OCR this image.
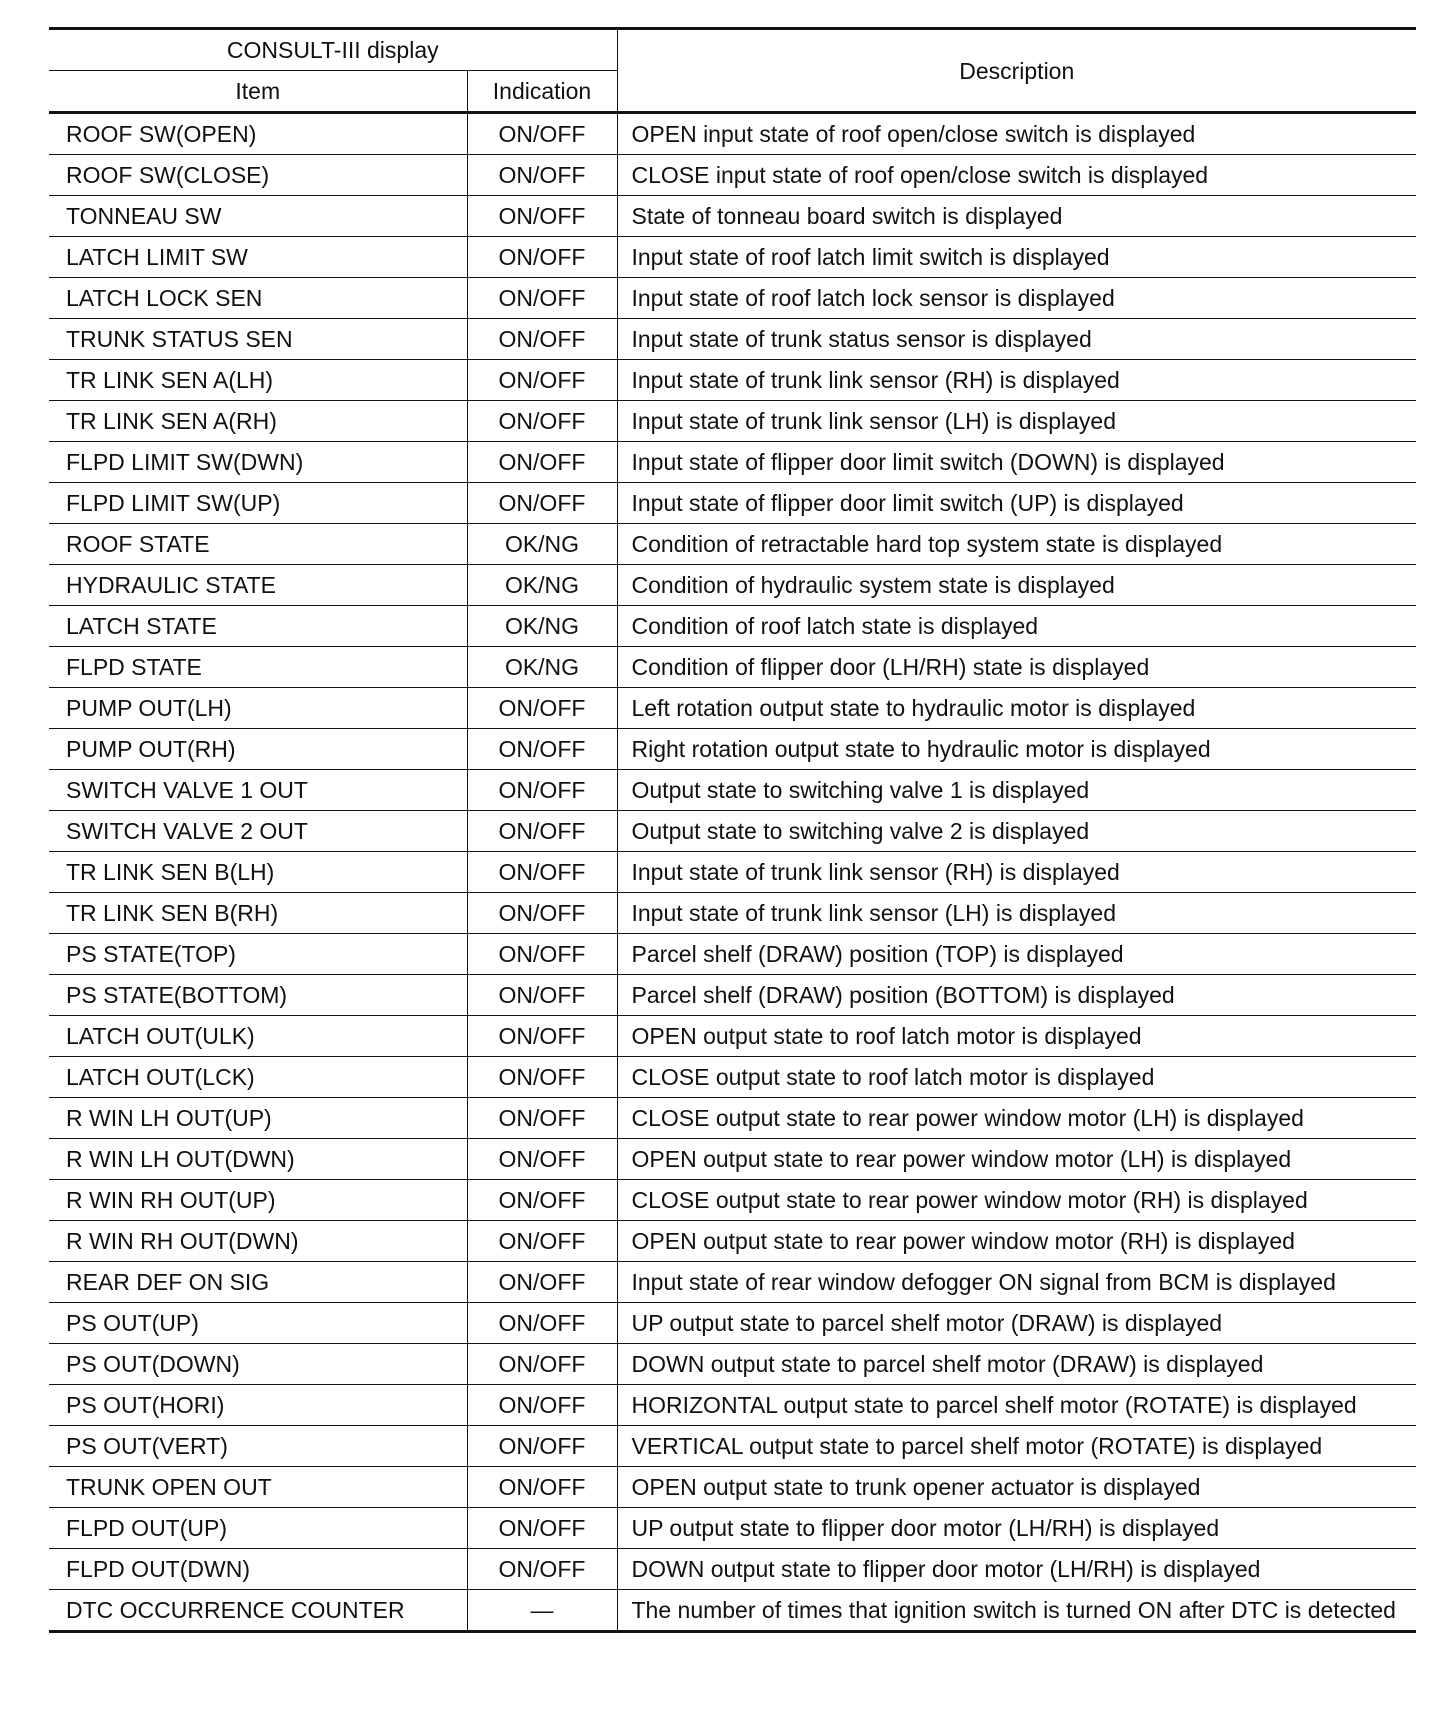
CONSULT-III display		Description
Item	Indication	
ROOF SW(OPEN)	ON/OFF	OPEN input state of roof open/close switch is displayed
ROOF SW(CLOSE)	ON/OFF	CLOSE input state of roof open/close switch is displayed
TONNEAU SW	ON/OFF	State of tonneau board switch is displayed
LATCH LIMIT SW	ON/OFF	Input state of roof latch limit switch is displayed
LATCH LOCK SEN	ON/OFF	Input state of roof latch lock sensor is displayed
TRUNK STATUS SEN	ON/OFF	Input state of trunk status sensor is displayed
TR LINK SEN A(LH)	ON/OFF	Input state of trunk link sensor (RH) is displayed
TR LINK SEN A(RH)	ON/OFF	Input state of trunk link sensor (LH) is displayed
FLPD LIMIT SW(DWN)	ON/OFF	Input state of flipper door limit switch (DOWN) is displayed
FLPD LIMIT SW(UP)	ON/OFF	Input state of flipper door limit switch (UP) is displayed
ROOF STATE	OK/NG	Condition of retractable hard top system state is displayed
HYDRAULIC STATE	OK/NG	Condition of hydraulic system state is displayed
LATCH STATE	OK/NG	Condition of roof latch state is displayed
FLPD STATE	OK/NG	Condition of flipper door (LH/RH) state is displayed
PUMP OUT(LH)	ON/OFF	Left rotation output state to hydraulic motor is displayed
PUMP OUT(RH)	ON/OFF	Right rotation output state to hydraulic motor is displayed
SWITCH VALVE 1 OUT	ON/OFF	Output state to switching valve 1 is displayed
SWITCH VALVE 2 OUT	ON/OFF	Output state to switching valve 2 is displayed
TR LINK SEN B(LH)	ON/OFF	Input state of trunk link sensor (RH) is displayed
TR LINK SEN B(RH)	ON/OFF	Input state of trunk link sensor (LH) is displayed
PS STATE(TOP)	ON/OFF	Parcel shelf (DRAW) position (TOP) is displayed
PS STATE(BOTTOM)	ON/OFF	Parcel shelf (DRAW) position (BOTTOM) is displayed
LATCH OUT(ULK)	ON/OFF	OPEN output state to roof latch motor is displayed
LATCH OUT(LCK)	ON/OFF	CLOSE output state to roof latch motor is displayed
R WIN LH OUT(UP)	ON/OFF	CLOSE output state to rear power window motor (LH) is displayed
R WIN LH OUT(DWN)	ON/OFF	OPEN output state to rear power window motor (LH) is displayed
R WIN RH OUT(UP)	ON/OFF	CLOSE output state to rear power window motor (RH) is displayed
R WIN RH OUT(DWN)	ON/OFF	OPEN output state to rear power window motor (RH) is displayed
REAR DEF ON SIG	ON/OFF	Input state of rear window defogger ON signal from BCM is displayed
PS OUT(UP)	ON/OFF	UP output state to parcel shelf motor (DRAW) is displayed
PS OUT(DOWN)	ON/OFF	DOWN output state to parcel shelf motor (DRAW) is displayed
PS OUT(HORI)	ON/OFF	HORIZONTAL output state to parcel shelf motor (ROTATE) is displayed
PS OUT(VERT)	ON/OFF	VERTICAL output state to parcel shelf motor (ROTATE) is displayed
TRUNK OPEN OUT	ON/OFF	OPEN output state to trunk opener actuator is displayed
FLPD OUT(UP)	ON/OFF	UP output state to flipper door motor (LH/RH) is displayed
FLPD OUT(DWN)	ON/OFF	DOWN output state to flipper door motor (LH/RH) is displayed
DTC OCCURRENCE COUNTER	—	The number of times that ignition switch is turned ON after DTC is detected
